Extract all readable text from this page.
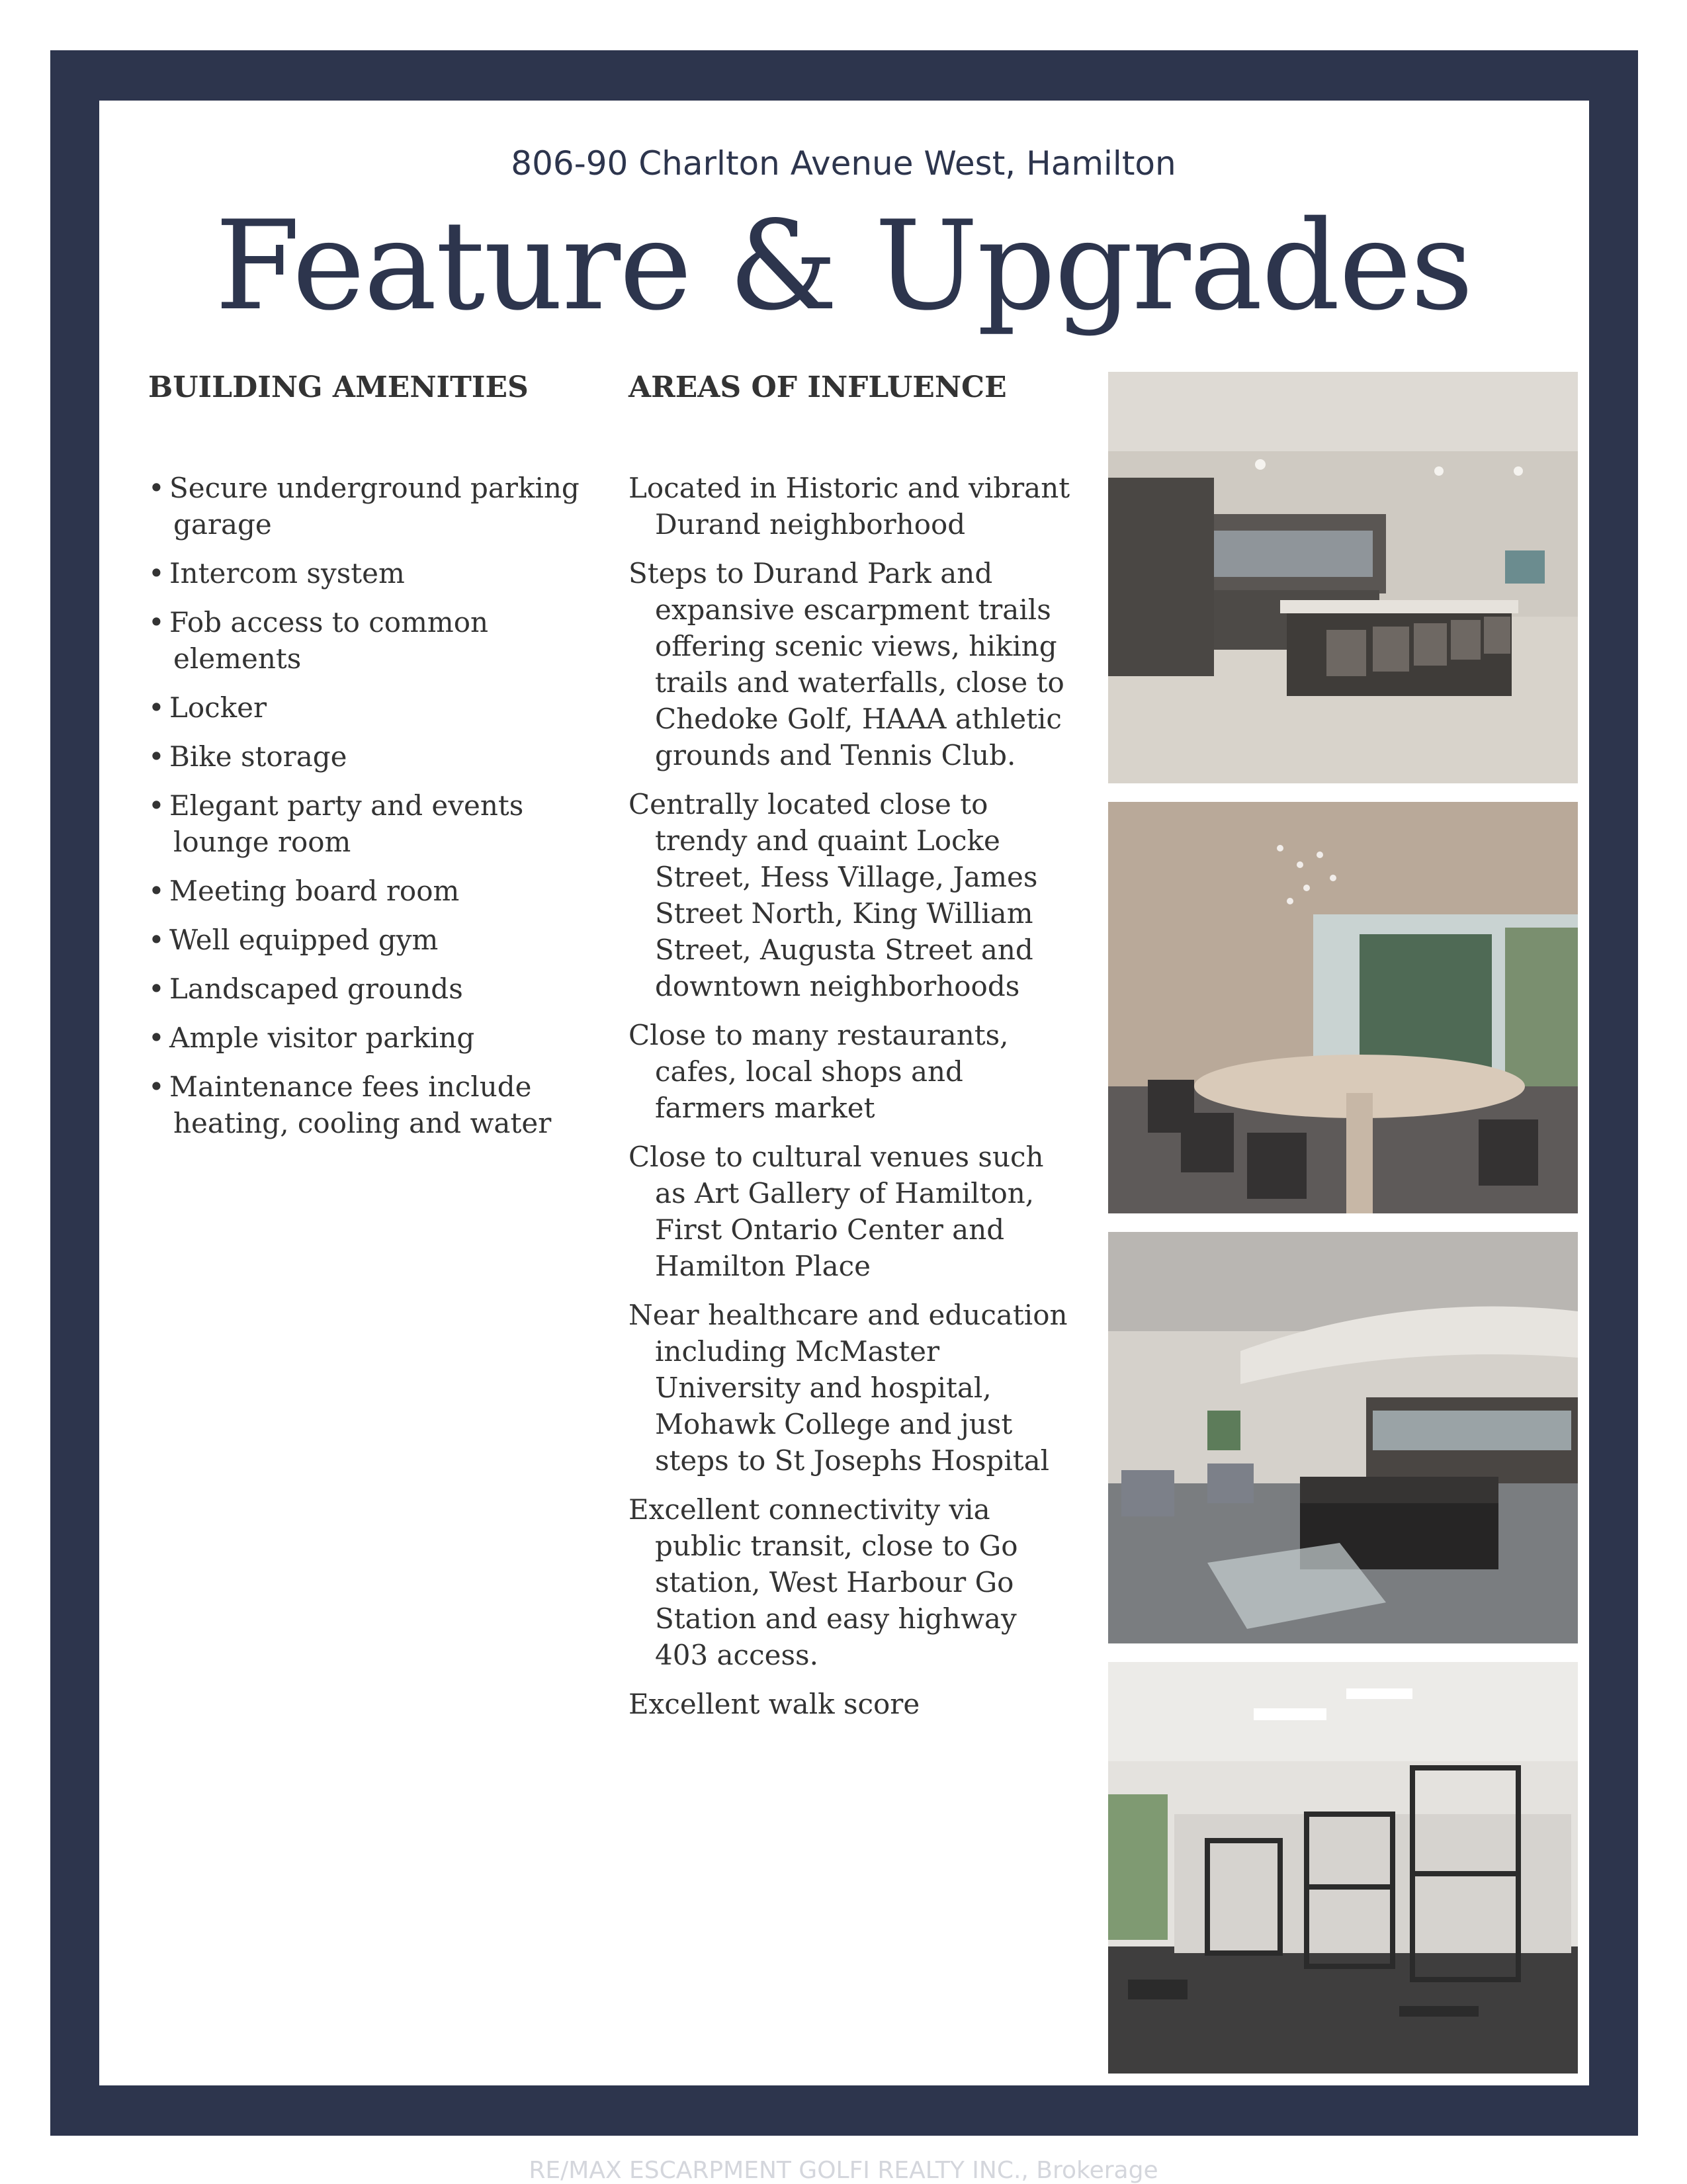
806-90 Charlton Avenue West, Hamilton
Feature & Upgrades
BUILDING AMENITIES	AREAS OF INFLUENCE
• Secure underground parking garage
• Intercom system
• Fob access to common elements
• Locker
• Bike storage
• Elegant party and events lounge room
• Meeting board room
• Well equipped gym
• Landscaped grounds
• Ample visitor parking
• Maintenance fees include heating, cooling and water
Located in Historic and vibrant Durand neighborhood
Steps to Durand Park and expansive escarpment trails offering scenic views, hiking trails and waterfalls, close to Chedoke Golf, HAAA athletic grounds and Tennis Club.
Centrally located close to trendy and quaint Locke Street, Hess Village, James Street North, King William Street, Augusta Street and downtown neighborhoods
Close to many restaurants, cafes, local shops and farmers market
Close to cultural venues such as Art Gallery of Hamilton, First Ontario Center and Hamilton Place
Near healthcare and education including McMaster University and hospital, Mohawk College and just steps to St Josephs Hospital
Excellent connectivity via public transit, close to Go station, West Harbour Go Station and easy highway 403 access.
Excellent walk score
RE/MAX ESCARPMENT GOLFI REALTY INC., Brokerage
